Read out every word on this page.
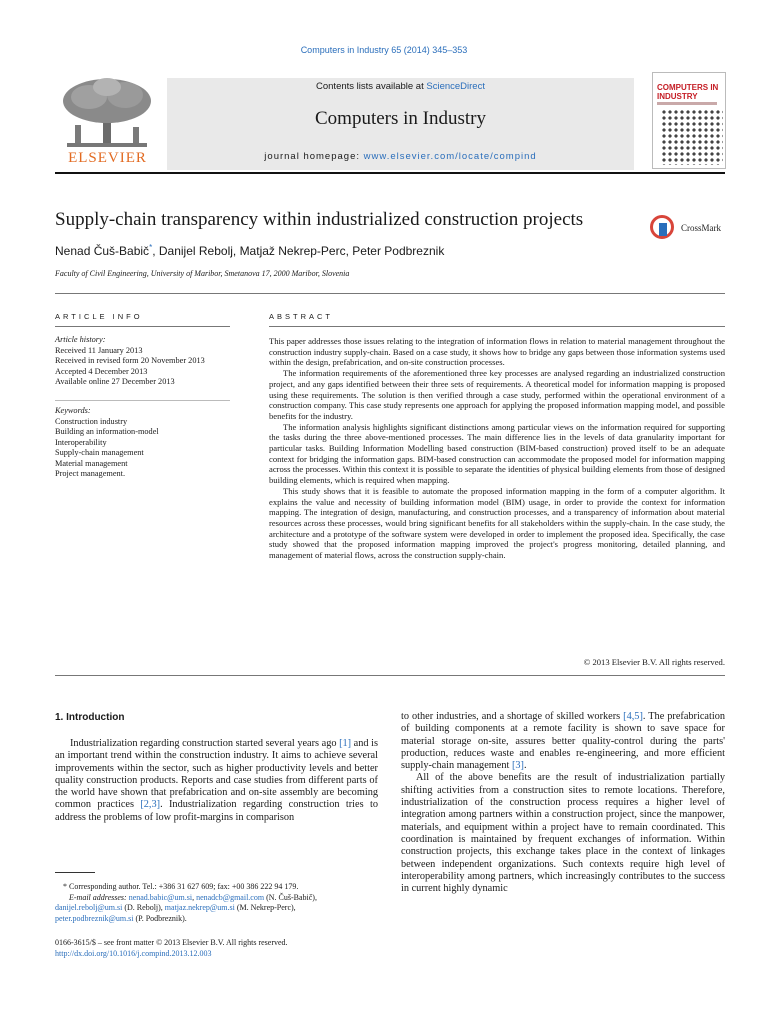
Computers in Industry 65 (2014) 345–353
ELSEVIER
Contents lists available at ScienceDirect
Computers in Industry
journal homepage: www.elsevier.com/locate/compind
COMPUTERS IN
INDUSTRY
Supply-chain transparency within industrialized construction projects	CrossMark
Nenad Čuš-Babič*, Danijel Rebolj, Matjaž Nekrep-Perc, Peter Podbreznik
Faculty of Civil Engineering, University of Maribor, Smetanova 17, 2000 Maribor, Slovenia
ARTICLE INFO
Article history:
Received 11 January 2013
Received in revised form 20 November 2013
Accepted 4 December 2013
Available online 27 December 2013
Keywords:
Construction industry
Building an information-model
Interoperability
Supply-chain management
Material management
Project management.
ABSTRACT

This paper addresses those issues relating to the integration of information flows in relation to material management throughout the construction industry supply-chain. Based on a case study, it shows how to bridge any gaps between those information systems used within the design, prefabrication, and on-site construction processes.

The information requirements of the aforementioned three key processes are analysed regarding an industrialized construction project, and any gaps identified between their three sets of requirements. A theoretical model for information mapping is proposed using these requirements. The solution is then verified through a case study, performed within the operational environment of a construction company. This case study represents one approach for applying the proposed information mapping model, and possible benefits for the industry.

The information analysis highlights significant distinctions among particular views on the information required for supporting the tasks during the three above-mentioned processes. The main difference lies in the levels of data granularity important for particular tasks. Building Information Modelling based construction (BIM-based construction) proved itself to be an adequate context for bridging the information gaps. BIM-based construction can accommodate the proposed model for information mapping across the processes. Within this context it is possible to separate the identities of physical building elements from those of designed building elements, which is required when mapping.

This study shows that it is feasible to automate the proposed information mapping in the form of a computer algorithm. It explains the value and necessity of building information model (BIM) usage, in order to provide the context for information mapping. The integration of design, manufacturing, and construction processes, and a transparency of information about material resources across these processes, would bring significant benefits for all stakeholders within the supply-chain. In the case study, the architecture and a prototype of the software system were developed in order to implement the proposed idea. Specifically, the case study showed that the proposed information mapping improved the project's progress monitoring, detailed planning, and management of material flows, across the construction supply-chain.

© 2013 Elsevier B.V. All rights reserved.
1. Introduction

Industrialization regarding construction started several years ago [1] and is an important trend within the construction industry. It aims to achieve several improvements within the sector, such as higher productivity levels and better quality construction products. Reports and case studies from different parts of the world have shown that prefabrication and on-site assembly are becoming common practices [2,3]. Industrialization regarding construction tries to address the problems of low profit-margins in comparison

to other industries, and a shortage of skilled workers [4,5]. The prefabrication of building components at a remote facility is shown to save space for material storage on-site, assures better quality-control during the parts' production, reduces waste and enables re-engineering, and more efficient supply-chain management [3].

All of the above benefits are the result of industrialization partially shifting activities from a construction sites to remote locations. Therefore, industrialization of the construction process requires a higher level of integration among partners within a construction project, since the manpower, materials, and equipment within a project have to remain coordinated. This coordination is maintained by frequent exchanges of information. Within construction projects, this exchange takes place in the context of linkages between independent organizations. Such contexts require high level of interoperability among partners, which increasingly contributes to the success in current highly dynamic

* Corresponding author. Tel.: +386 31 627 609; fax: +00 386 222 94 179.
E-mail addresses: nenad.babic@um.si, nenadcb@gmail.com (N. Čuš-Babič),
danijel.rebolj@um.si (D. Rebolj), matjaz.nekrep@um.si (M. Nekrep-Perc),
peter.podbreznik@um.si (P. Podbreznik).
0166-3615/$ – see front matter © 2013 Elsevier B.V. All rights reserved.
http://dx.doi.org/10.1016/j.compind.2013.12.003
